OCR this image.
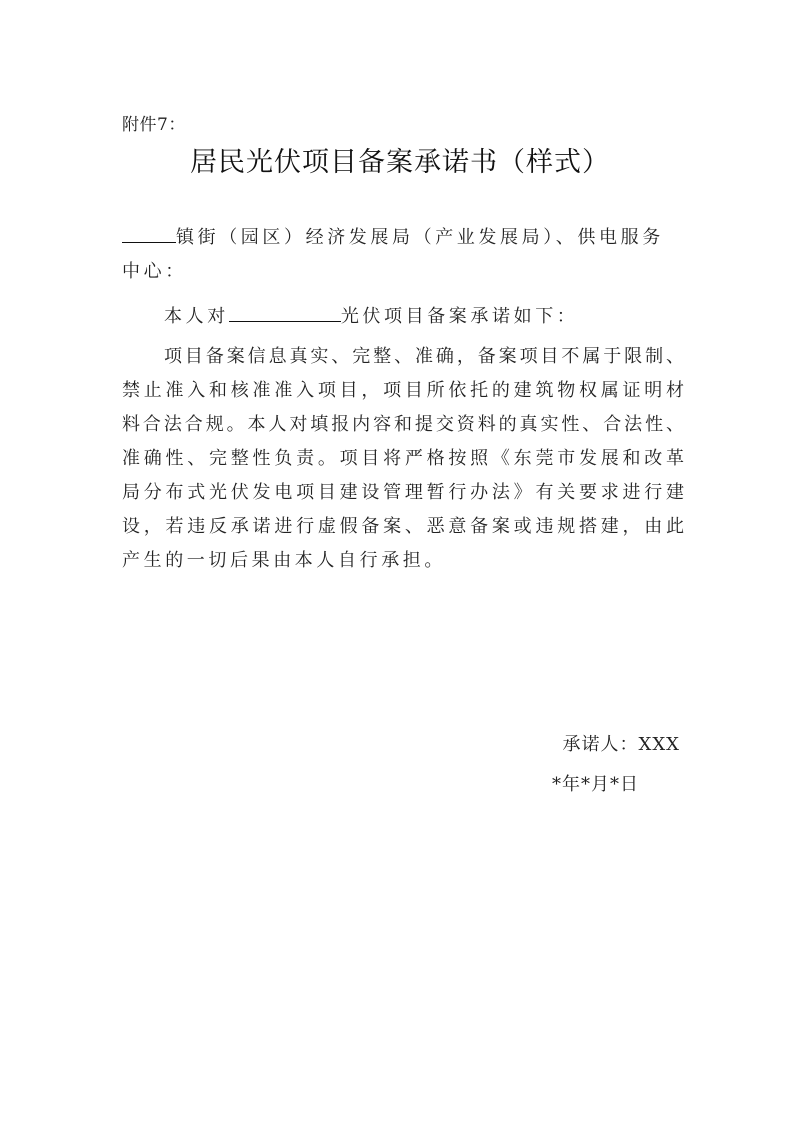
附件7：
居民光伏项目备案承诺书（样式）
镇街（园区）经济发展局（产业发展局）、供电服务
中心：
本人对	光伏项目备案承诺如下：
项目备案信息真实、完整、准确，备案项目不属于限制、
禁止准入和核准准入项目，项目所依托的建筑物权属证明材
料合法合规。本人对填报内容和提交资料的真实性、合法性、
准确性、完整性负责。项目将严格按照《东莞市发展和改革
局分布式光伏发电项目建设管理暂行办法》有关要求进行建
设，若违反承诺进行虚假备案、恶意备案或违规搭建，由此
产生的一切后果由本人自行承担。
承诺人：XXX
*年*月*日
